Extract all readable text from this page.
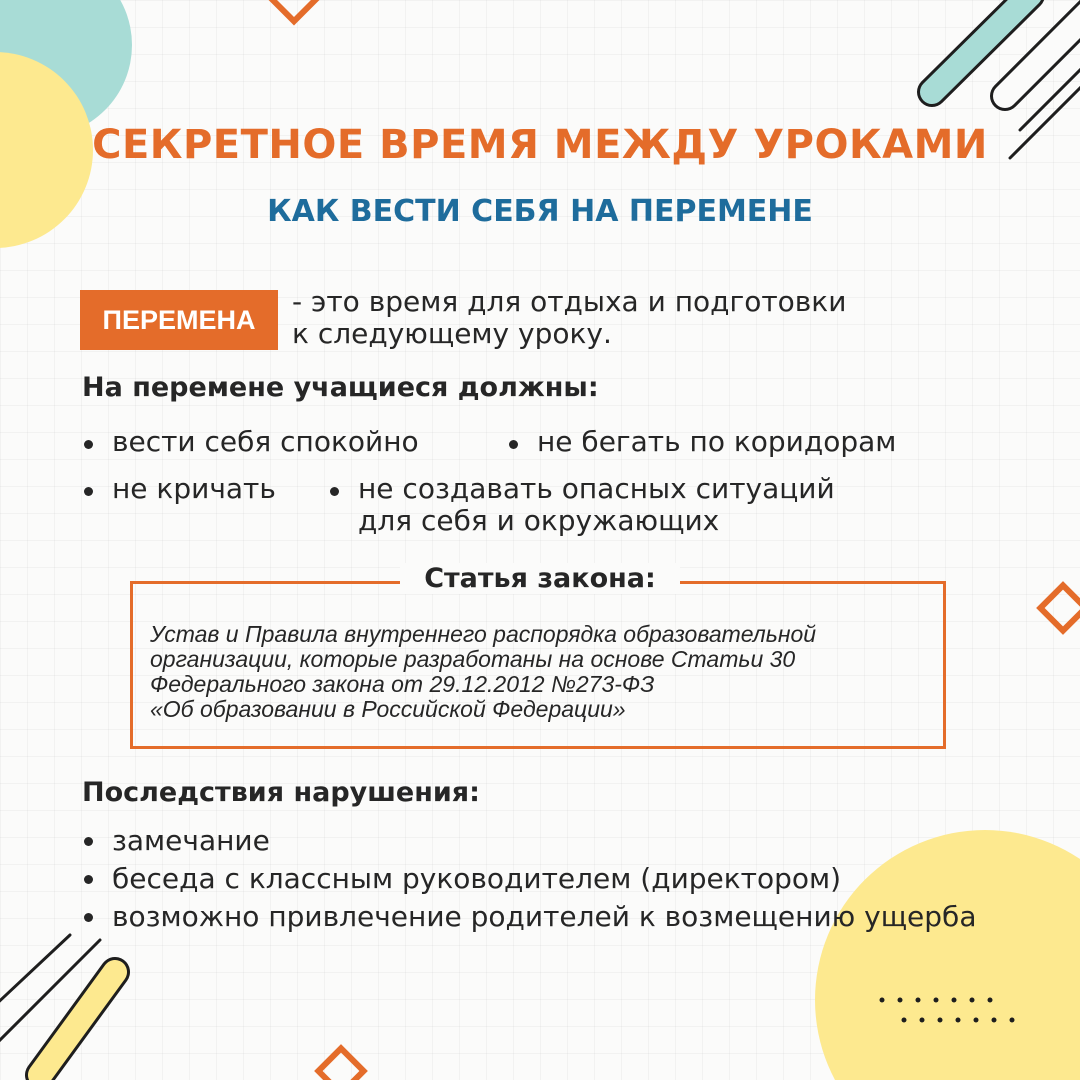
СЕКРЕТНОЕ ВРЕМЯ МЕЖДУ УРОКАМИ
КАК ВЕСТИ СЕБЯ НА ПЕРЕМЕНЕ
ПЕРЕМЕНА

- это время для отдыха и подготовки
к следующему уроку.

На перемене учащиеся должны:

вести себя спокойно	не бегать по коридорам

не кричать	не создавать опасных ситуаций
для себя и окружающих

Статья закона:

Устав и Правила внутреннего распорядка образовательной
организации, которые разработаны на основе Статьи 30
Федерального закона от 29.12.2012 №273-ФЗ
«Об образовании в Российской Федерации»

Последствия нарушения:

замечание

беседа с классным руководителем (директором)

возможно привлечение родителей к возмещению ущерба
